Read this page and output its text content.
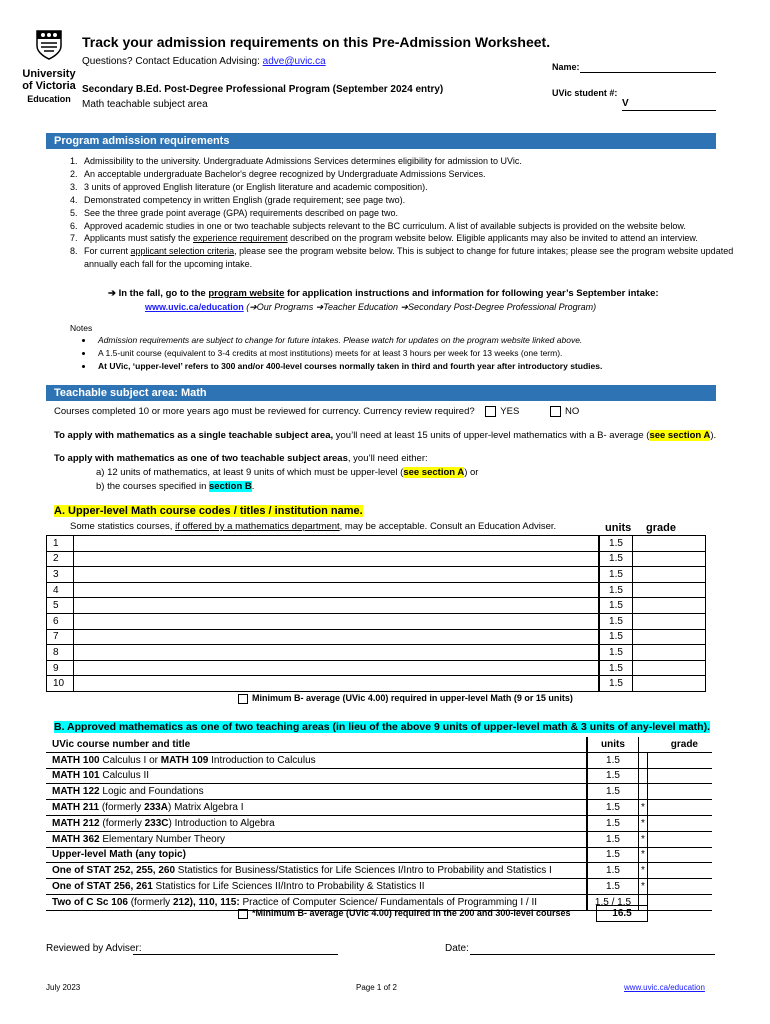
University
of Victoria
Education
Track your admission requirements on this Pre-Admission Worksheet.
Questions? Contact Education Advising: adve@uvic.ca
Secondary B.Ed. Post-Degree Professional Program (September 2024 entry)
Math teachable subject area
Name:
UVic student #:
V
Program admission requirements
1. Admissibility to the university. Undergraduate Admissions Services determines eligibility for admission to UVic.
2. An acceptable undergraduate Bachelor's degree recognized by Undergraduate Admissions Services.
3. 3 units of approved English literature (or English literature and academic composition).
4. Demonstrated competency in written English (grade requirement; see page two).
5. See the three grade point average (GPA) requirements described on page two.
6. Approved academic studies in one or two teachable subjects relevant to the BC curriculum. A list of available subjects is provided on the website below.
7. Applicants must satisfy the experience requirement described on the program website below. Eligible applicants may also be invited to attend an interview.
8. For current applicant selection criteria, please see the program website below. This is subject to change for future intakes; please see the program website updated annually each fall for the upcoming intake.
➔ In the fall, go to the program website for application instructions and information for following year’s September intake:
www.uvic.ca/education (➔Our Programs ➔Teacher Education ➔Secondary Post-Degree Professional Program)
Notes
• Admission requirements are subject to change for future intakes. Please watch for updates on the program website linked above.
• A 1.5-unit course (equivalent to 3-4 credits at most institutions) meets for at least 3 hours per week for 13 weeks (one term).
• At UVic, ‘upper-level’ refers to 300 and/or 400-level courses normally taken in third and fourth year after introductory studies.
Teachable subject area: Math
Courses completed 10 or more years ago must be reviewed for currency. Currency review required?	YES	NO
To apply with mathematics as a single teachable subject area, you’ll need at least 15 units of upper-level mathematics with a B- average (see section A).
To apply with mathematics as one of two teachable subject areas, you’ll need either:
a) 12 units of mathematics, at least 9 units of which must be upper-level (see section A) or
b) the courses specified in section B.
A. Upper-level Math course codes / titles / institution name.
Some statistics courses, if offered by a mathematics department, may be acceptable. Consult an Education Adviser.	units grade
1		1.5	
2		1.5	
3		1.5	
4		1.5	
5		1.5	
6		1.5	
7		1.5	
8		1.5	
9		1.5	
10		1.5	
Minimum B- average (UVic 4.00) required in upper-level Math (9 or 15 units)
B. Approved mathematics as one of two teaching areas (in lieu of the above 9 units of upper-level math & 3 units of any-level math).
UVic course number and title	units		grade	
MATH 100 Calculus I or MATH 109 Introduction to Calculus	1.5			
MATH 101 Calculus II	1.5			
MATH 122 Logic and Foundations	1.5			
MATH 211 (formerly 233A) Matrix Algebra I	1.5	*		
MATH 212 (formerly 233C) Introduction to Algebra	1.5	*		
MATH 362 Elementary Number Theory	1.5	*		
Upper-level Math (any topic)	1.5	*		
One of STAT 252, 255, 260 Statistics for Business/Statistics for Life Sciences I/Intro to Probability and Statistics I	1.5	*		
One of STAT 256, 261 Statistics for Life Sciences II/Intro to Probability & Statistics II	1.5	*		
Two of C Sc 106 (formerly 212), 110, 115: Practice of Computer Science/ Fundamentals of Programming I / II	1.5 / 1.5			
*Minimum B- average (UVic 4.00) required in the 200 and 300-level courses	16.5
Reviewed by Adviser:	Date:
July 2023	Page 1 of 2	www.uvic.ca/education
